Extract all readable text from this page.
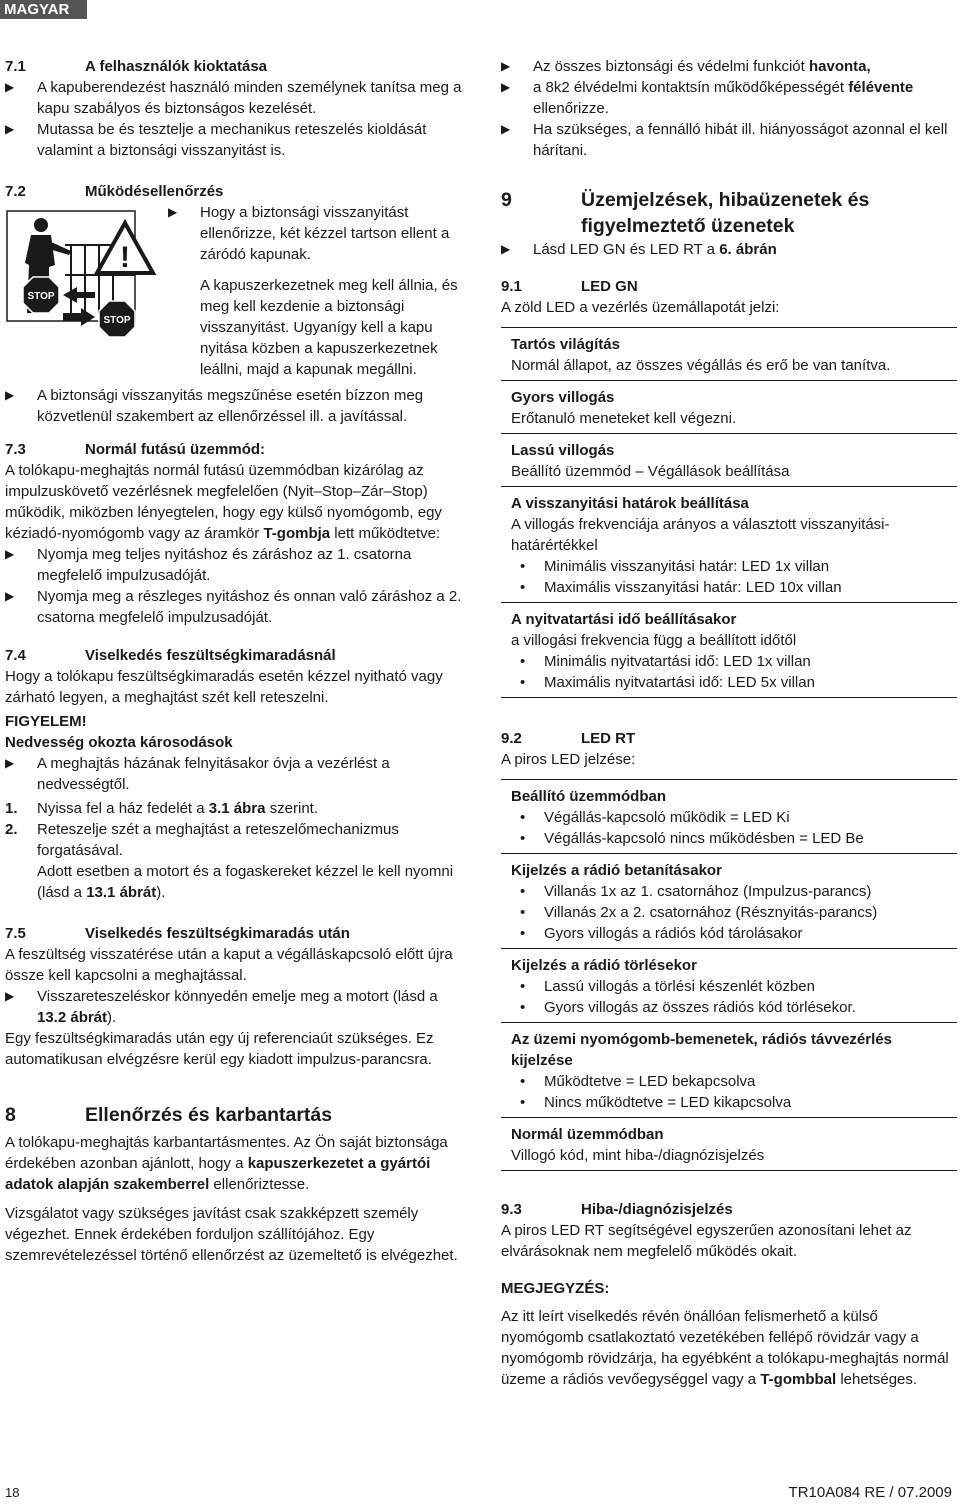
MAGYAR
7.1	A felhasználók kioktatása
▶	A kapuberendezést használó minden személynek tanítsa meg a kapu szabályos és biztonságos kezelését.

▶	Mutassa be és tesztelje a mechanikus reteszelés kioldását valamint a biztonsági visszanyitást is.

7.2	Működésellenőrzés
!
STOP
STOP
▶	Hogy a biztonsági visszanyitást ellenőrizze, két kézzel tartson ellent a záródó kapunak.

A kapuszerkezetnek meg kell állnia, és meg kell kezdenie a biztonsági visszanyitást. Ugyanígy kell a kapu nyitása közben a kapuszerkezetnek leállni, majd a kapunak megállni.

▶	A biztonsági visszanyitás megszűnése esetén bízzon meg közvetlenül szakembert az ellenőrzéssel ill. a javítással.

7.3	Normál futású üzemmód:

A tolókapu-meghajtás normál futású üzemmódban kizárólag az impulzuskövető vezérlésnek megfelelően (Nyit–Stop–Zár–Stop) működik, miközben lényegtelen, hogy egy külső nyomógomb, egy kéziadó-nyomógomb vagy az áramkör T-gombja lett működtetve:

▶	Nyomja meg teljes nyitáshoz és záráshoz az 1. csatorna megfelelő impulzusadóját.

▶	Nyomja meg a részleges nyitáshoz és onnan való záráshoz a 2. csatorna megfelelő impulzusadóját.

7.4	Viselkedés feszültségkimaradásnál

Hogy a tolókapu feszültségkimaradás esetén kézzel nyitható vagy zárható legyen, a meghajtást szét kell reteszelni.

FIGYELEM!

Nedvesség okozta károsodások

▶	A meghajtás házának felnyitásakor óvja a vezérlést a nedvességtől.

1.	Nyissa fel a ház fedelét a 3.1 ábra szerint.

2.	Reteszelje szét a meghajtást a reteszelőmechanizmus forgatásával.

Adott esetben a motort és a fogaskereket kézzel le kell nyomni (lásd a 13.1 ábrát).

7.5	Viselkedés feszültségkimaradás után

A feszültség visszatérése után a kaput a végálláskapcsoló előtt újra össze kell kapcsolni a meghajtással.

▶	Visszareteszeléskor könnyedén emelje meg a motort (lásd a 13.2 ábrát).

Egy feszültségkimaradás után egy új referenciaút szükséges. Ez automatikusan elvégzésre kerül egy kiadott impulzus-parancsra.

8	Ellenőrzés és karbantartás

A tolókapu-meghajtás karbantartásmentes. Az Ön saját biztonsága érdekében azonban ajánlott, hogy a kapuszerkezetet a gyártói adatok alapján szakemberrel ellenőriztesse.

Vizsgálatot vagy szükséges javítást csak szakképzett személy végezhet. Ennek érdekében forduljon szállítójához. Egy szemrevételezéssel történő ellenőrzést az üzemeltető is elvégezhet.

▶	Az összes biztonsági és védelmi funkciót havonta,

▶	a 8k2 élvédelmi kontaktsín működőképességét félévente ellenőrizze.

▶	Ha szükséges, a fennálló hibát ill. hiányosságot azonnal el kell hárítani.

9	Üzemjelzések, hibaüzenetek és figyelmeztető üzenetek
▶	Lásd LED GN és LED RT a 6. ábrán

9.1	LED GN

A zöld LED a vezérlés üzemállapotát jelzi:

Tartós világítás

Normál állapot, az összes végállás és erő be van tanítva.

Gyors villogás

Erőtanuló meneteket kell végezni.

Lassú villogás

Beállító üzemmód – Végállások beállítása

A visszanyitási határok beállítása

A villogás frekvenciája arányos a választott visszanyitási-határértékkel

•	Minimális visszanyitási határ: LED 1x villan

•	Maximális visszanyitási határ: LED 10x villan

A nyitvatartási idő beállításakor

a villogási frekvencia függ a beállított időtől

•	Minimális nyitvatartási idő: LED 1x villan

•	Maximális nyitvatartási idő: LED 5x villan

9.2	LED RT

A piros LED jelzése:

Beállító üzemmódban

•	Végállás-kapcsoló működik = LED Ki

•	Végállás-kapcsoló nincs működésben = LED Be

Kijelzés a rádió betanításakor

•	Villanás 1x az 1. csatornához (Impulzus-parancs)

•	Villanás 2x a 2. csatornához (Résznyitás-parancs)

•	Gyors villogás a rádiós kód tárolásakor

Kijelzés a rádió törlésekor

•	Lassú villogás a törlési készenlét közben

•	Gyors villogás az összes rádiós kód törlésekor.

Az üzemi nyomógomb-bemenetek, rádiós távvezérlés kijelzése

•	Működtetve = LED bekapcsolva

•	Nincs működtetve = LED kikapcsolva

Normál üzemmódban

Villogó kód, mint hiba-/diagnózisjelzés

9.3	Hiba-/diagnózisjelzés

A piros LED RT segítségével egyszerűen azonosítani lehet az elvárásoknak nem megfelelő működés okait.

MEGJEGYZÉS:

Az itt leírt viselkedés révén önállóan felismerhető a külső nyomógomb csatlakoztató vezetékében fellépő rövidzár vagy a nyomógomb rövidzárja, ha egyébként a tolókapu-meghajtás normál üzeme a rádiós vevőegységgel vagy a T-gombbal lehetséges.

18	TR10A084 RE / 07.2009
